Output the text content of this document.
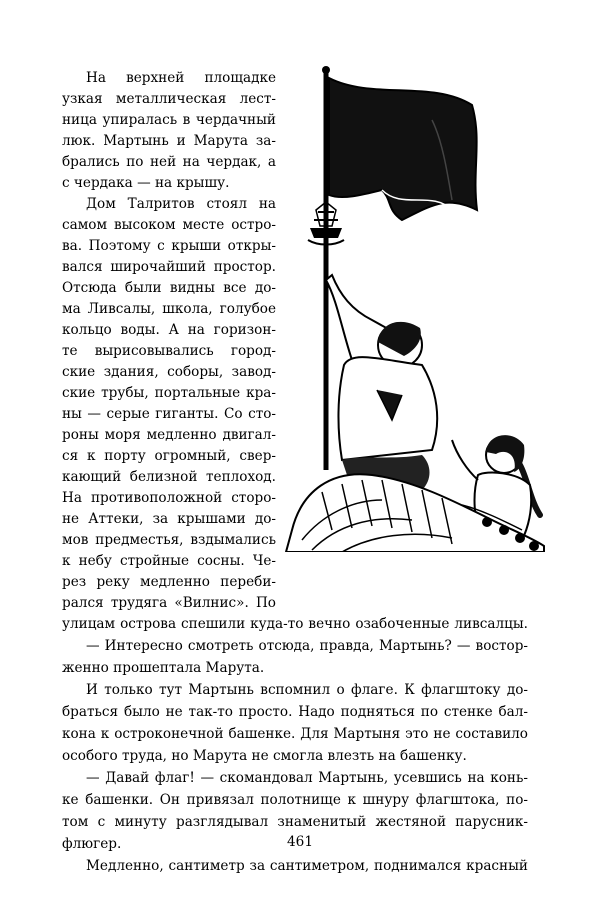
На верхней площадке
узкая металлическая лест-
ница упиралась в чердачный
люк. Мартынь и Марута за-
брались по ней на чердак, а
с чердака — на крышу.
Дом Талритов стоял на
самом высоком месте остро-
ва. Поэтому с крыши откры-
вался широчайший простор.
Отсюда были видны все до-
ма Ливсалы, школа, голубое
кольцо воды. А на горизон-
те вырисовывались город-
ские здания, соборы, завод-
ские трубы, портальные кра-
ны — серые гиганты. Со сто-
роны моря медленно двигал-
ся к порту огромный, свер-
кающий белизной теплоход.
На противоположной сторо-
не Аттеки, за крышами до-
мов предместья, вздымались
к небу стройные сосны. Че-
рез реку медленно переби-
рался трудяга «Вилнис». По
улицам острова спешили куда-то вечно озабоченные ливсалцы.
— Интересно смотреть отсюда, правда, Мартынь? — востор-
женно прошептала Марута.
И только тут Мартынь вспомнил о флаге. К флагштоку до-
браться было не так-то просто. Надо подняться по стенке бал-
кона к остроконечной башенке. Для Мартыня это не составило
особого труда, но Марута не смогла влезть на башенку.
— Давай флаг! — скомандовал Мартынь, усевшись на конь-
ке башенки. Он привязал полотнище к шнуру флагштока, по-
том с минуту разглядывал знаменитый жестяной парусник-
флюгер.
Медленно, сантиметр за сантиметром, поднимался красный
461
